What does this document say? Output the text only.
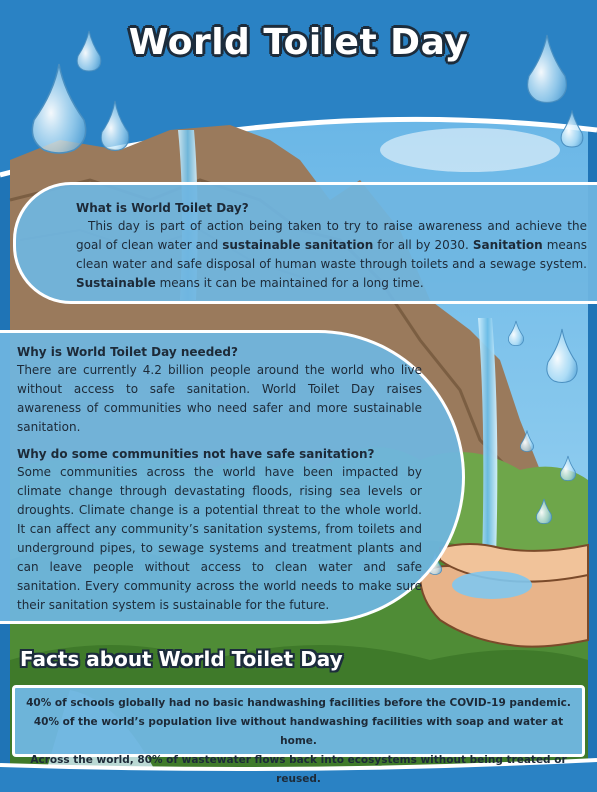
World Toilet Day

What is World Toilet Day?

This day is part of action being taken to try to raise awareness and achieve the goal of clean water and sustainable sanitation for all by 2030. Sanitation means clean water and safe disposal of human waste through toilets and a sewage system. Sustainable means it can be maintained for a long time.

Why is World Toilet Day needed?

There are currently 4.2 billion people around the world who live without access to safe sanitation. World Toilet Day raises awareness of communities who need safer and more sustainable sanitation.

Why do some communities not have safe sanitation?

Some communities across the world have been impacted by climate change through devastating floods, rising sea levels or droughts. Climate change is a potential threat to the whole world. It can affect any community’s sanitation systems, from toilets and underground pipes, to sewage systems and treatment plants and can leave people without access to clean water and safe sanitation. Every community across the world needs to make sure their sanitation system is sustainable for the future.

Facts about World Toilet Day

40% of schools globally had no basic handwashing facilities before the COVID-19 pandemic.

40% of the world’s population live without handwashing facilities with soap and water at home.

Across the world, 80% of wastewater flows back into ecosystems without being treated or reused.
